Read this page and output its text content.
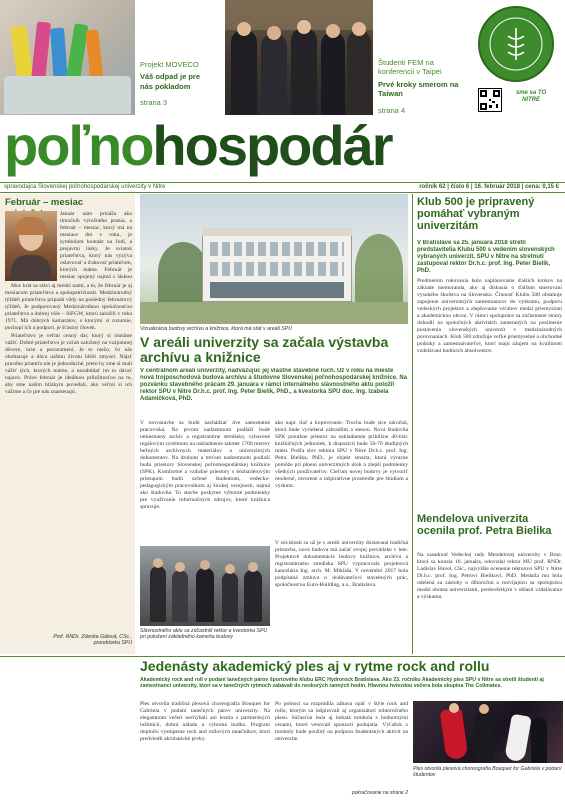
Projekt MOVECO
Váš odpad je pre nás pokladom
strana 3
Študenti FEM na konferencii v Taipei
Prvé kroky smerom na Taiwan
strana 4
sme sa TO NITRE
poľnohospodár
spravodajca Slovenskej poľnohospodárskej univerzity v Nitre	ročník 62 | číslo 6 | 16. február 2018 | cena: 0,15 €
Február – mesiac
Január nám prináša ako tlmočník výročného prania, a február – mesiac, ktorý má na mesiace dni v roku, je symbolom kontakt na ľudí, a prejavmi lásky. Je sviatok priateľstva, ktorý nás vyzýva oslavovať a ďakovať priateľom, ktorých máme. Február je mesiac spojený najmä s láskou

Moc krát sa slávi aj medzi nami, a to, že február je aj mesiacom priateľstva a spolupatričnosti. Medzinárodný týždeň priateľstva pripadá vždy na posledný februárový týždeň. Je podporovaný Medzinárodnou spoločnosťou priateľstva a dobrej vôle – ISFGW, ktorú založili v roku 1971. Má dobrých kamarátov, s ktorými si rozumie, pochopí ich a podporí, je šťastný človek.

Priateľstvo je veľmi cenný dar, ktorý si musíme vážiť. Dobré priateľstvo je vzťah založený na vzájomnej dôvere, úcte a porozumení. Je to niečo, čo nás obohacuje a dáva nášmu životu hlbší zmysel. Nájsť pravého priateľa nie je jednoduché, preto by sme si mali vážiť tých, ktorých máme, a nezabúdať im to dávať najavo. Práve február je ideálnou príležitosťou na to, aby sme našim blízkym povedali, ako veľmi si ich vážime a čo pre nás znamenajú.

Prof. RNDr. Zdenka Gálová, CSc., prorektorka SPU
Vizualizácia budovy archívu a knižnice, ktorá má stáť v areáli SPU
V areáli univerzity sa začala výstavba archívu a knižnice
V centrálnom areáli univerzity, nadväzujúc jej vlastné stavebné ruch. Už v roku na mieste nová trojposchodová budova archívu a študovne Slovenskej poľnohospodárskej knižnice. Na pozvánku stavebného prácam 29. januára v rámci internálneho slávnostného aktu položil rektor SPU v Nitre Dr.h.c. prof. Ing. Peter Bielik, PhD., a kvestorka SPU doc. Ing. Izabela Adamičková, PhD.
V novostavbe sa budú nachádzať dve samostatné pracoviská. Na prvom nadzemnom podlaží bude umiestnený archív a registratúrne stredisko, vybavené regálovým systémom na uskladnenie takmer 1700 metrov bežných archívnych materiálov a univerzitných dokumentov. Na druhom a treťom nadzemnom podlaží budú priestory Slovenskej poľnohospodárskej knižnice (SPK). Komfortné a vzdušné priestory s bezbariérovým prístupom budú určené študentom, vedecko-pedagogickým pracovníkom aj širokej verejnosti, najmä ako študovňa. To stavbe poskytne výborné podmienky pre využívanie informačných zdrojov, ktoré knižnica spravuje.
Slávnostného aktu sa zúčastnili rektor a kvestorka SPU pri položení základného kameňa budovy
ako napr. tlač a kopírovanie. Trochu bude síce náročná, ktorá bude vyriešená zábradlím a stenou. Nová študovňa SPK ponúkne priestor na uskladnenie približne 40-tisíc knižničných jednotiek, k dispozícii bude 50-70 študijných miest. Podľa slov rektora SPU v Nitre Dr.h.c. prof. Ing. Petra Bielika, PhD., je objekt smarta, ktorá výrazne pomôže pri plnení univerzitných úloh a zlepší podmienky všetkých používateľov. Cieľom novej budovy je vytvoriť moderné, otvorené a inšpiratívne prostredie pre štúdium a výskum.
V súvislosti sa už je v areáli univerzity dostavaná tradičná prístavba, nová budova má začať svojej prevádzke v lete. Projektové dokumentácie budovy knižnice, archívu a registratúrneho strediska SPU vypracovala projektová kancelária Ing. arch. M. Mikláša. V novembri 2017 bola podpísaná zmluva o dodávateľovi stavebných prác, spoločnosťou Euro-Building, a.s., Bratislava.
Klub 500 je pripravený pomáhať vybraným univerzitám
V Bratislave sa 25. januára 2018 stretli predstavitelia Klubu 500 s vedením slovenských vybraných univerzít. SPU v Nitre na stretnutí zastupoval rektor Dr.h.c. prof. Ing. Peter Bielik, PhD.
Predmetom rokovania bolo naplánovanie ďalších krokov na základe memoranda, ako aj diskusia o ďalšom smerovaní vysokého školstva na Slovensku. Činnosť Klubu 500 obsahuje zapojenie univerzitných zamestnancov do výskumu, podporu vedeckých projektov a zlepšovanie vzťahov medzi priemyslom a akademickou obcou. V rámci spolupráce sa zúčastnené strany dohodli na spoločných aktivitách zameraných na posilnenie postavenia slovenských univerzít v medzinárodných porovnaniach. Klub 500 združuje veľké priemyselné a obchodné podniky a zamestnávateľov, ktorí majú záujem na kvalitnom vzdelávaní budúcich absolventov.
Mendelova univerzita ocenila prof. Petra Bielika
Na zasadnutí Vedeckej rady Mendelovej univerzity v Brne, ktorá sa konala 16. januára, odovzdal rektor MU prof. RNDr. Ladislav Havel, CSc., najvyššie ocenenie rektorovi SPU v Nitre Dr.h.c. prof. Ing. Petrovi Bielikovi, PhD. Medaila mu bola udelená za zásluhy o dlhoročnú a rozvíjajúcu sa spoluprácu medzi oboma univerzitami, predovšetkým v oblasti vzdelávania a výskumu.
Jedenásty akademický ples aj v rytme rock and rollu
Akademický rock and roll v podaní tanečných párov športového klubu ERC Hydrorock Bratislava. Ako 23. ročníku Akademický ples SPU v Nitre sa stretli študenti aj zamestnanci univerzity, ktorí sa v tanečných rytmoch zabávali do neskorých ranných hodín. Hlavnou hviezdou večera bola skupina The Colimates.
Ples otvorila tradičná plesová choreografia Bouquet for Gabriela v podaní tanečných párov univerzity. Na elegantnom večeri nechýbali ani hostia z partnerských inštitúcií, dobrá nálada a výborná hudba. Program doplnilo vystúpenie rock and rollových tanečníkov, ktorí predviedli akrobatické prvky.
Po polnoci sa rozprúdila zábava opäť v štýle rock and rollu, ktorým sa inšpirovali aj organizátori tohtoročného plesu. Súčasťou bola aj bohatá tombola s hodnotnými cenami, ktoré venovali sponzori podujatia. Výťažok z tomboly bude použitý na podporu študentských aktivít na univerzite.
pokračovanie na strane 2
Ples otvorila plesová choreografia Bouquet for Gabriela v podaní študentov
